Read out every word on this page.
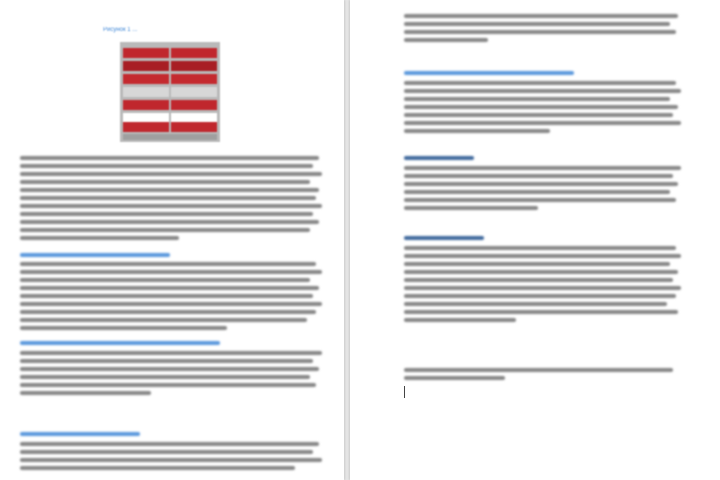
Рисунок 1 ...
